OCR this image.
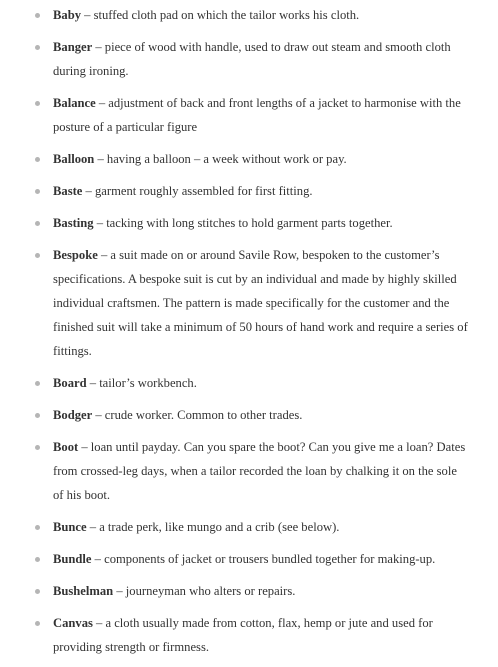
Baby – stuffed cloth pad on which the tailor works his cloth.
Banger – piece of wood with handle, used to draw out steam and smooth cloth during ironing.
Balance – adjustment of back and front lengths of a jacket to harmonise with the posture of a particular figure
Balloon – having a balloon – a week without work or pay.
Baste – garment roughly assembled for first fitting.
Basting – tacking with long stitches to hold garment parts together.
Bespoke – a suit made on or around Savile Row, bespoken to the customer’s specifications. A bespoke suit is cut by an individual and made by highly skilled individual craftsmen. The pattern is made specifically for the customer and the finished suit will take a minimum of 50 hours of hand work and require a series of fittings.
Board – tailor’s workbench.
Bodger – crude worker. Common to other trades.
Boot – loan until payday. Can you spare the boot? Can you give me a loan? Dates from crossed-leg days, when a tailor recorded the loan by chalking it on the sole of his boot.
Bunce – a trade perk, like mungo and a crib (see below).
Bundle – components of jacket or trousers bundled together for making-up.
Bushelman – journeyman who alters or repairs.
Canvas – a cloth usually made from cotton, flax, hemp or jute and used for providing strength or firmness.
